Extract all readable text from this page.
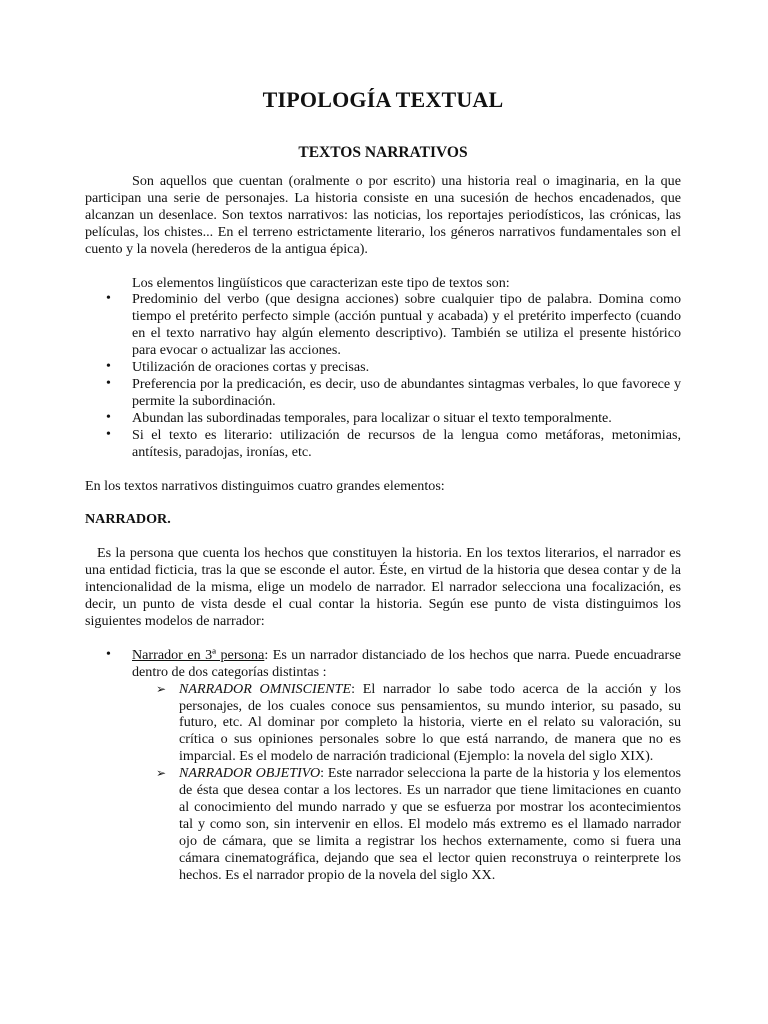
TIPOLOGÍA TEXTUAL
TEXTOS NARRATIVOS

Son aquellos que cuentan (oralmente o por escrito) una historia real o imaginaria, en la que participan una serie de personajes. La historia consiste en una sucesión de hechos encadenados, que alcanzan un desenlace. Son textos narrativos: las noticias, los reportajes periodísticos, las crónicas, las películas, los chistes... En el terreno estrictamente literario, los géneros narrativos fundamentales son el cuento y la novela (herederos de la antigua épica).

Los elementos lingüísticos que caracterizan este tipo de textos son:

• Predominio del verbo (que designa acciones) sobre cualquier tipo de palabra. Domina como tiempo el pretérito perfecto simple (acción puntual y acabada) y el pretérito imperfecto (cuando en el texto narrativo hay algún elemento descriptivo). También se utiliza el presente histórico para evocar o actualizar las acciones.
• Utilización de oraciones cortas y precisas.
• Preferencia por la predicación, es decir, uso de abundantes sintagmas verbales, lo que favorece y permite la subordinación.
• Abundan las subordinadas temporales, para localizar o situar el texto temporalmente.
• Si el texto es literario: utilización de recursos de la lengua como metáforas, metonimias, antítesis, paradojas, ironías, etc.

En los textos narrativos distinguimos cuatro grandes elementos:

NARRADOR.

Es la persona que cuenta los hechos que constituyen la historia. En los textos literarios, el narrador es una entidad ficticia, tras la que se esconde el autor. Éste, en virtud de la historia que desea contar y de la intencionalidad de la misma, elige un modelo de narrador. El narrador selecciona una focalización, es decir, un punto de vista desde el cual contar la historia. Según ese punto de vista distinguimos los siguientes modelos de narrador:

• Narrador en 3ª persona: Es un narrador distanciado de los hechos que narra. Puede encuadrarse dentro de dos categorías distintas :
➢ NARRADOR OMNISCIENTE: El narrador lo sabe todo acerca de la acción y los personajes, de los cuales conoce sus pensamientos, su mundo interior, su pasado, su futuro, etc. Al dominar por completo la historia, vierte en el relato su valoración, su crítica o sus opiniones personales sobre lo que está narrando, de manera que no es imparcial. Es el modelo de narración tradicional (Ejemplo: la novela del siglo XIX).
➢ NARRADOR OBJETIVO: Este narrador selecciona la parte de la historia y los elementos de ésta que desea contar a los lectores. Es un narrador que tiene limitaciones en cuanto al conocimiento del mundo narrado y que se esfuerza por mostrar los acontecimientos tal y como son, sin intervenir en ellos. El modelo más extremo es el llamado narrador ojo de cámara, que se limita a registrar los hechos externamente, como si fuera una cámara cinematográfica, dejando que sea el lector quien reconstruya o reinterprete los hechos. Es el narrador propio de la novela del siglo XX.
